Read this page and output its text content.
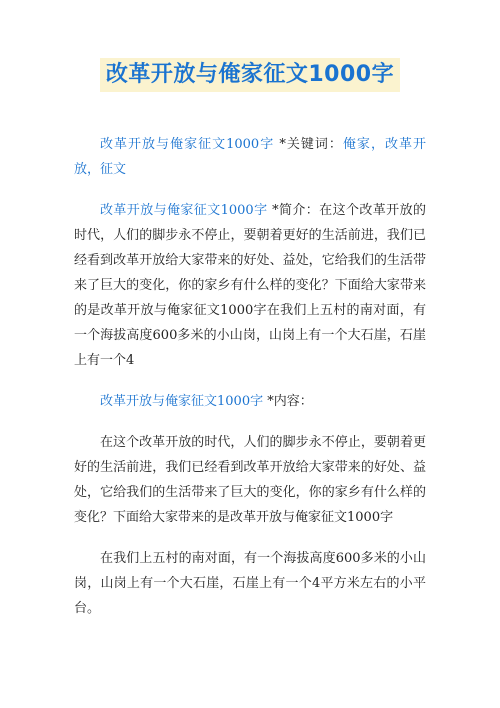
改革开放与俺家征文1000字

改革开放与俺家征文1000字 *关键词：俺家，改革开放，征文

改革开放与俺家征文1000字 *简介：在这个改革开放的时代，人们的脚步永不停止，要朝着更好的生活前进，我们已经看到改革开放给大家带来的好处、益处，它给我们的生活带来了巨大的变化，你的家乡有什么样的变化？下面给大家带来的是改革开放与俺家征文1000字在我们上五村的南对面，有一个海拔高度600多米的小山岗，山岗上有一个大石崖，石崖上有一个4

改革开放与俺家征文1000字 *内容：

在这个改革开放的时代，人们的脚步永不停止，要朝着更好的生活前进，我们已经看到改革开放给大家带来的好处、益处，它给我们的生活带来了巨大的变化，你的家乡有什么样的变化？下面给大家带来的是改革开放与俺家征文1000字

在我们上五村的南对面，有一个海拔高度600多米的小山岗，山岗上有一个大石崖，石崖上有一个4平方米左右的小平台。
